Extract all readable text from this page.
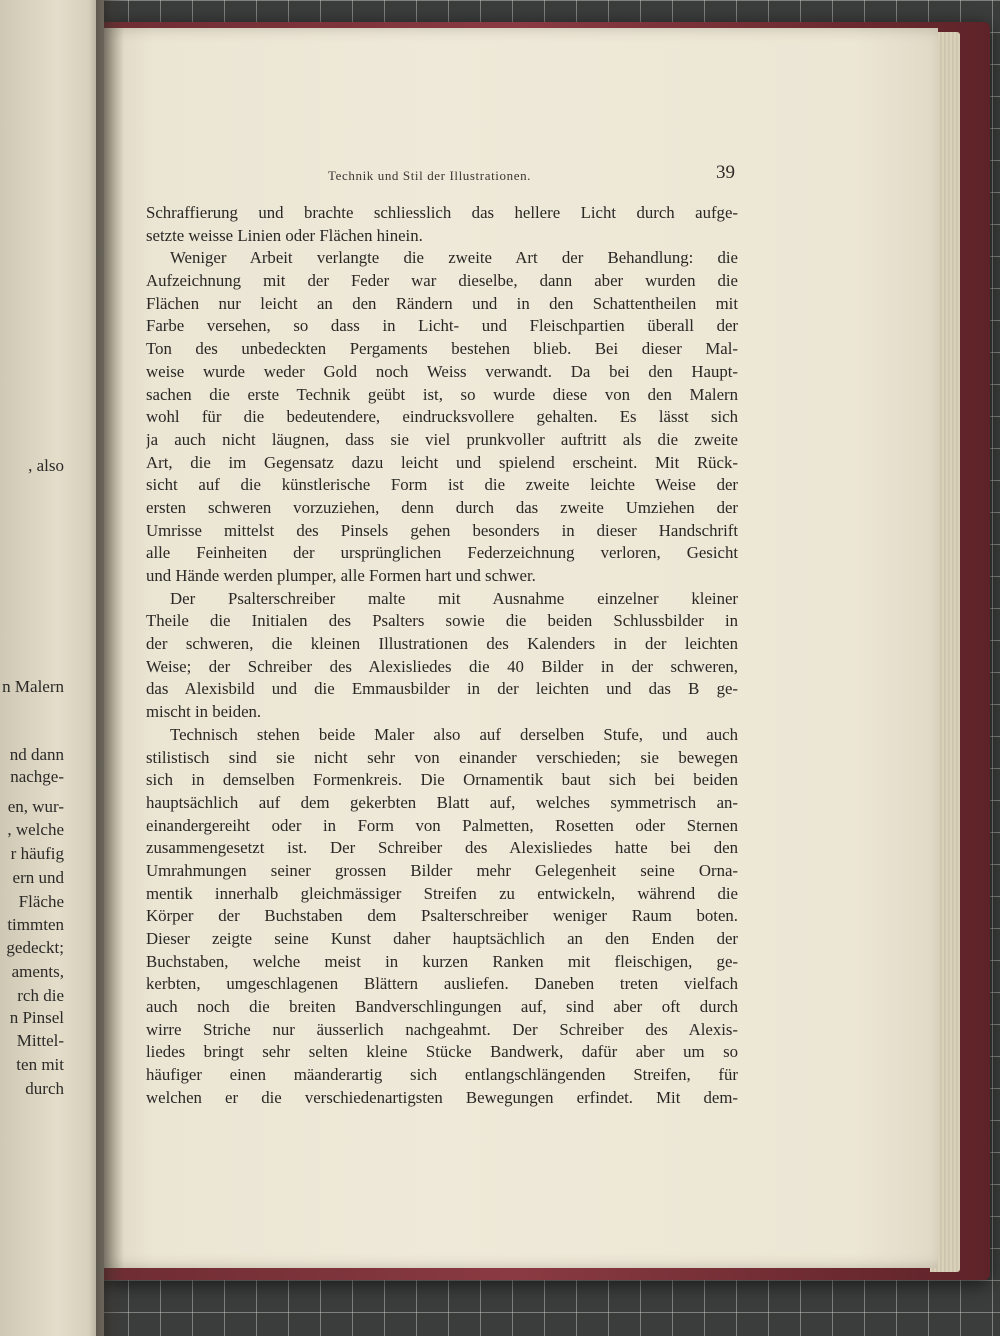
, also
n Malern
nd dann
nachge-
en, wur-
, welche
r häufig
ern und
Fläche
timmten
gedeckt;
aments,
rch die
n Pinsel
Mittel-
ten mit
durch
Technik und Stil der Illustrationen.	39
Schraffierung und brachte schliesslich das hellere Licht durch aufge-
setzte weisse Linien oder Flächen hinein.
Weniger Arbeit verlangte die zweite Art der Behandlung: die
Aufzeichnung mit der Feder war dieselbe, dann aber wurden die
Flächen nur leicht an den Rändern und in den Schattentheilen mit
Farbe versehen, so dass in Licht- und Fleischpartien überall der
Ton des unbedeckten Pergaments bestehen blieb. Bei dieser Mal-
weise wurde weder Gold noch Weiss verwandt. Da bei den Haupt-
sachen die erste Technik geübt ist, so wurde diese von den Malern
wohl für die bedeutendere, eindrucksvollere gehalten. Es lässt sich
ja auch nicht läugnen, dass sie viel prunkvoller auftritt als die zweite
Art, die im Gegensatz dazu leicht und spielend erscheint. Mit Rück-
sicht auf die künstlerische Form ist die zweite leichte Weise der
ersten schweren vorzuziehen, denn durch das zweite Umziehen der
Umrisse mittelst des Pinsels gehen besonders in dieser Handschrift
alle Feinheiten der ursprünglichen Federzeichnung verloren, Gesicht
und Hände werden plumper, alle Formen hart und schwer.
Der Psalterschreiber malte mit Ausnahme einzelner kleiner
Theile die Initialen des Psalters sowie die beiden Schlussbilder in
der schweren, die kleinen Illustrationen des Kalenders in der leichten
Weise; der Schreiber des Alexisliedes die 40 Bilder in der schweren,
das Alexisbild und die Emmausbilder in der leichten und das B ge-
mischt in beiden.
Technisch stehen beide Maler also auf derselben Stufe, und auch
stilistisch sind sie nicht sehr von einander verschieden; sie bewegen
sich in demselben Formenkreis. Die Ornamentik baut sich bei beiden
hauptsächlich auf dem gekerbten Blatt auf, welches symmetrisch an-
einandergereiht oder in Form von Palmetten, Rosetten oder Sternen
zusammengesetzt ist. Der Schreiber des Alexisliedes hatte bei den
Umrahmungen seiner grossen Bilder mehr Gelegenheit seine Orna-
mentik innerhalb gleichmässiger Streifen zu entwickeln, während die
Körper der Buchstaben dem Psalterschreiber weniger Raum boten.
Dieser zeigte seine Kunst daher hauptsächlich an den Enden der
Buchstaben, welche meist in kurzen Ranken mit fleischigen, ge-
kerbten, umgeschlagenen Blättern ausliefen. Daneben treten vielfach
auch noch die breiten Bandverschlingungen auf, sind aber oft durch
wirre Striche nur äusserlich nachgeahmt. Der Schreiber des Alexis-
liedes bringt sehr selten kleine Stücke Bandwerk, dafür aber um so
häufiger einen mäanderartig sich entlangschlängenden Streifen, für
welchen er die verschiedenartigsten Bewegungen erfindet. Mit dem-
